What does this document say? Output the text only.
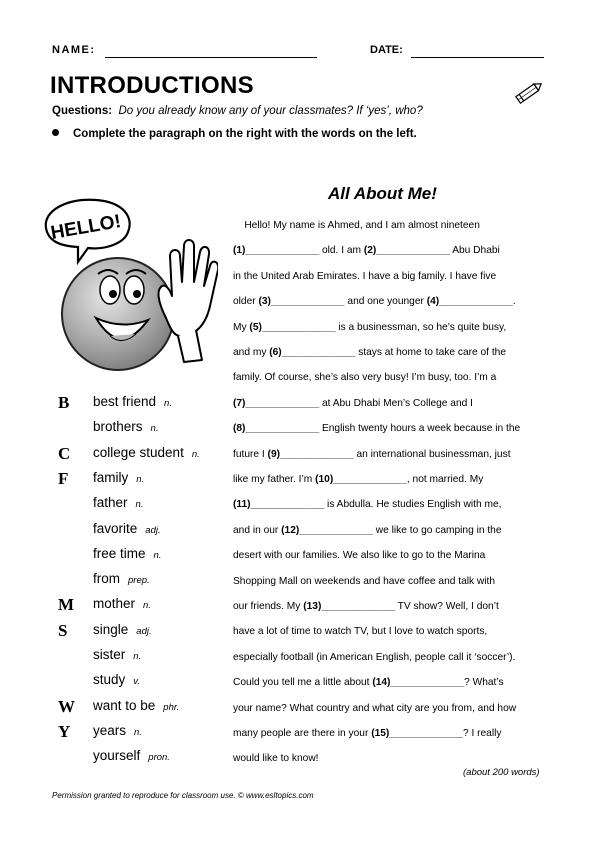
NAME:	DATE:
INTRODUCTIONS
Questions: Do you already know any of your classmates? If ‘yes’, who?
Complete the paragraph on the right with the words on the left.
HELLO!
B best friend n.
brothers n.
C college student n.
F family n.
father n.
favorite adj.
free time n.
from prep.
M mother n.
S single adj.
sister n.
study v.
W want to be phr.
Y years n.
yourself pron.
All About Me!
Hello! My name is Ahmed, and I am almost nineteen
(1)_____________ old. I am (2)_____________ Abu Dhabi
in the United Arab Emirates. I have a big family. I have five
older (3)_____________ and one younger (4)_____________.
My (5)_____________ is a businessman, so he’s quite busy,
and my (6)_____________ stays at home to take care of the
family. Of course, she’s also very busy! I’m busy, too. I’m a
(7)_____________ at Abu Dhabi Men’s College and I
(8)_____________ English twenty hours a week because in the
future I (9)_____________ an international businessman, just
like my father. I’m (10)_____________, not married. My
(11)_____________ is Abdulla. He studies English with me,
and in our (12)_____________ we like to go camping in the
desert with our families. We also like to go to the Marina
Shopping Mall on weekends and have coffee and talk with
our friends. My (13)_____________ TV show? Well, I don’t
have a lot of time to watch TV, but I love to watch sports,
especially football (in American English, people call it ‘soccer’).
Could you tell me a little about (14)_____________? What’s
your name? What country and what city are you from, and how
many people are there in your (15)_____________? I really
would like to know!
(about 200 words)
Permission granted to reproduce for classroom use. © www.esltopics.com
